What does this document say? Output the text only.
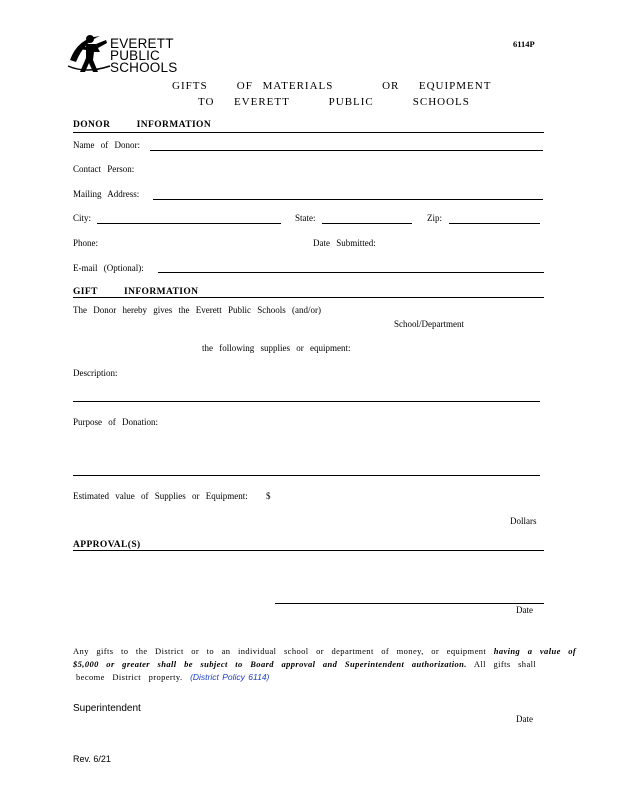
EVERETT
PUBLIC
SCHOOLS
6114P
GIFTS   OF MATERIALS     OR  EQUIPMENT
TO  EVERETT    PUBLIC    SCHOOLS
DONOR   INFORMATION
Name of Donor:
Contact Person:
Mailing Address:
City:	State:	Zip:
Phone:	Date Submitted:
E-mail (Optional):
GIFT   INFORMATION
The Donor hereby gives the Everett Public Schools (and/or)
School/Department
the following supplies or equipment:
Description:
Purpose of Donation:
Estimated value of Supplies or Equipment: $
Dollars
APPROVAL(S)
Date
Any gifts to the District or to an individual school or department of money, or equipment having a value of
$5,000 or greater shall be subject to Board approval and Superintendent authorization. All gifts shall
become District property. (District Policy 6114)
Superintendent
Date
Rev. 6/21
